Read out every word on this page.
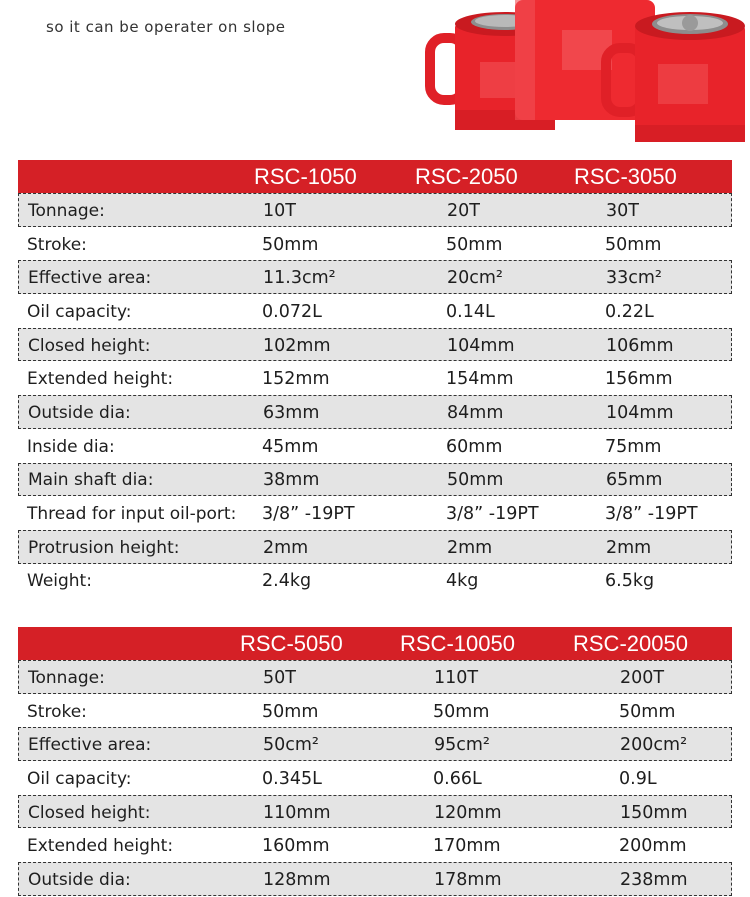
so it can be operater on slope
RSC-1050	RSC-2050	RSC-3050
Tonnage:	10T	20T	30T
Stroke:	50mm	50mm	50mm
Effective area:	11.3cm²	20cm²	33cm²
Oil capacity:	0.072L	0.14L	0.22L
Closed height:	102mm	104mm	106mm
Extended height:	152mm	154mm	156mm
Outside dia:	63mm	84mm	104mm
Inside dia:	45mm	60mm	75mm
Main shaft dia:	38mm	50mm	65mm
Thread for input oil-port: 3/8” -19PT	3/8” -19PT	3/8” -19PT
Protrusion height:	2mm	2mm	2mm
Weight:	2.4kg	4kg	6.5kg
RSC-5050	RSC-10050	RSC-20050
Tonnage:	50T	110T	200T
Stroke:	50mm	50mm	50mm
Effective area:	50cm²	95cm²	200cm²
Oil capacity:	0.345L	0.66L	0.9L
Closed height:	110mm	120mm	150mm
Extended height:	160mm	170mm	200mm
Outside dia:	128mm	178mm	238mm
